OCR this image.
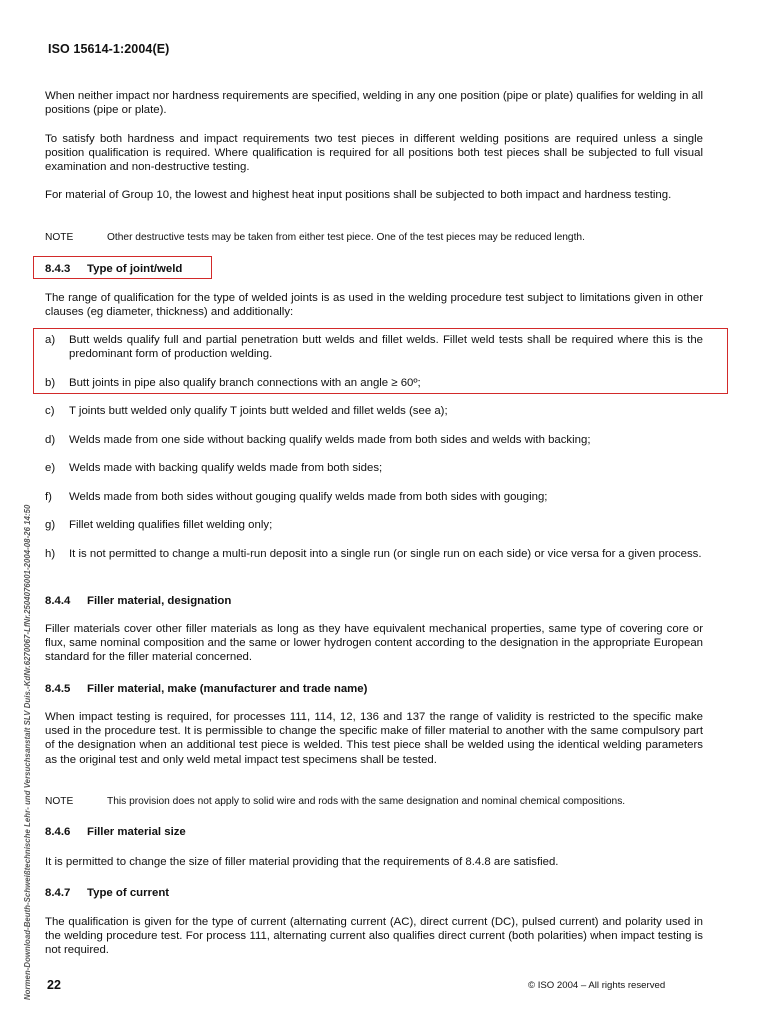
ISO 15614-1:2004(E)

When neither impact nor hardness requirements are specified, welding in any one position (pipe or plate) qualifies for welding in all positions (pipe or plate).

To satisfy both hardness and impact requirements two test pieces in different welding positions are required unless a single position qualification is required. Where qualification is required for all positions both test pieces shall be subjected to full visual examination and non-destructive testing.

For material of Group 10, the lowest and highest heat input positions shall be subjected to both impact and hardness testing.

NOTE	Other destructive tests may be taken from either test piece. One of the test pieces may be reduced length.
8.4.3 Type of joint/weld

The range of qualification for the type of welded joints is as used in the welding procedure test subject to limitations given in other clauses (eg diameter, thickness) and additionally:

a) Butt welds qualify full and partial penetration butt welds and fillet welds. Fillet weld tests shall be required where this is the predominant form of production welding.
b) Butt joints in pipe also qualify branch connections with an angle ≥ 60º;
c) T joints butt welded only qualify T joints butt welded and fillet welds (see a);
d) Welds made from one side without backing qualify welds made from both sides and welds with backing;
e) Welds made with backing qualify welds made from both sides;
f) Welds made from both sides without gouging qualify welds made from both sides with gouging;
g) Fillet welding qualifies fillet welding only;
h) It is not permitted to change a multi-run deposit into a single run (or single run on each side) or vice versa for a given process.
8.4.4 Filler material, designation

Filler materials cover other filler materials as long as they have equivalent mechanical properties, same type of covering core or flux, same nominal composition and the same or lower hydrogen content according to the designation in the appropriate European standard for the filler material concerned.

8.4.5 Filler material, make (manufacturer and trade name)

When impact testing is required, for processes 111, 114, 12, 136 and 137 the range of validity is restricted to the specific make used in the procedure test. It is permissible to change the specific make of filler material to another with the same compulsory part of the designation when an additional test piece is welded. This test piece shall be welded using the identical welding parameters as the original test and only weld metal impact test specimens shall be tested.

NOTE	This provision does not apply to solid wire and rods with the same designation and nominal chemical compositions.
8.4.6 Filler material size

It is permitted to change the size of filler material providing that the requirements of 8.4.8 are satisfied.

8.4.7 Type of current

The qualification is given for the type of current (alternating current (AC), direct current (DC), pulsed current) and polarity used in the welding procedure test. For process 111, alternating current also qualifies direct current (both polarities) when impact testing is not required.

Normen-Download-Beuth-Schweißtechnische Lehr- und Versuchsanstalt SLV Duis.-KdNr.6270067-LfNr.2504076001-2004-08-26 14:50 22	© ISO 2004 – All rights reserved
